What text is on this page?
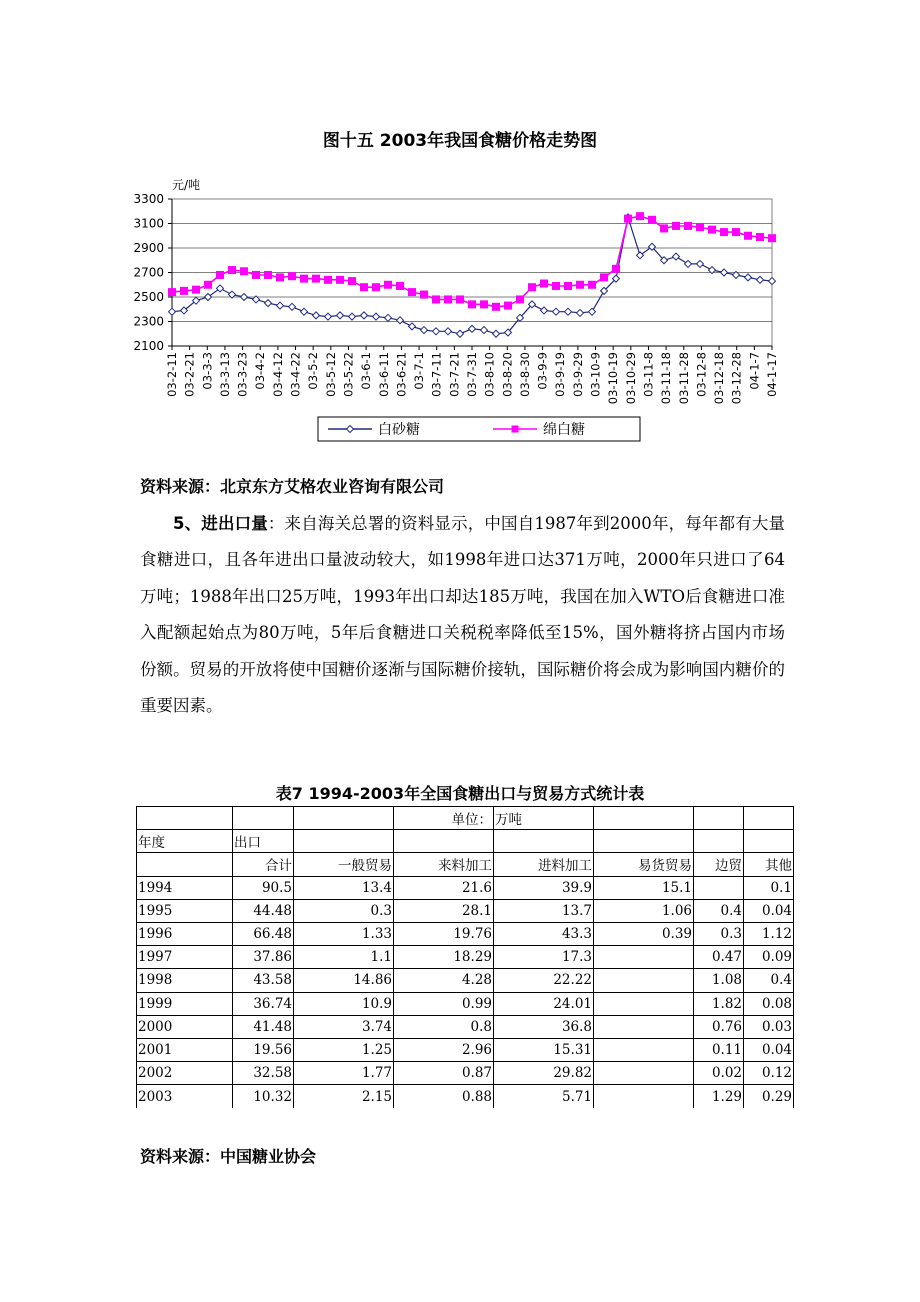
图十五 2003年我国食糖价格走势图
2100
2300
2500
2700
2900
3100
3300
元/吨
03-2-11 03-2-21 03-3-3 03-3-13 03-3-23 03-4-2 03-4-12 03-4-22 03-5-2 03-5-12 03-5-22 03-6-1 03-6-11 03-6-21 03-7-1 03-7-11 03-7-21 03-7-31 03-8-10 03-8-20 03-8-30 03-9-9 03-9-19 03-9-29 03-10-9 03-10-19 03-10-29 03-11-8 03-11-18 03-11-28 03-12-8 03-12-18 03-12-28 04-1-7 04-1-17
白砂糖	绵白糖
资料来源：北京东方艾格农业咨询有限公司
5、进出口量：来自海关总署的资料显示，中国自1987年到2000年，每年都有大量食糖进口，且各年进出口量波动较大，如1998年进口达371万吨，2000年只进口了64万吨；1988年出口25万吨，1993年出口却达185万吨，我国在加入WTO后食糖进口准入配额起始点为80万吨，5年后食糖进口关税税率降低至15%，国外糖将挤占国内市场份额。贸易的开放将使中国糖价逐渐与国际糖价接轨，国际糖价将会成为影响国内糖价的重要因素。
表7 1994-2003年全国食糖出口与贸易方式统计表
			单位：	万吨			
年度	出口						
	合计	一般贸易	来料加工	进料加工	易货贸易	边贸	其他
1994	90.5	13.4	21.6	39.9	15.1		0.1
1995	44.48	0.3	28.1	13.7	1.06	0.4	0.04
1996	66.48	1.33	19.76	43.3	0.39	0.3	1.12
1997	37.86	1.1	18.29	17.3		0.47	0.09
1998	43.58	14.86	4.28	22.22		1.08	0.4
1999	36.74	10.9	0.99	24.01		1.82	0.08
2000	41.48	3.74	0.8	36.8		0.76	0.03
2001	19.56	1.25	2.96	15.31		0.11	0.04
2002	32.58	1.77	0.87	29.82		0.02	0.12
2003	10.32	2.15	0.88	5.71		1.29	0.29
资料来源：中国糖业协会
